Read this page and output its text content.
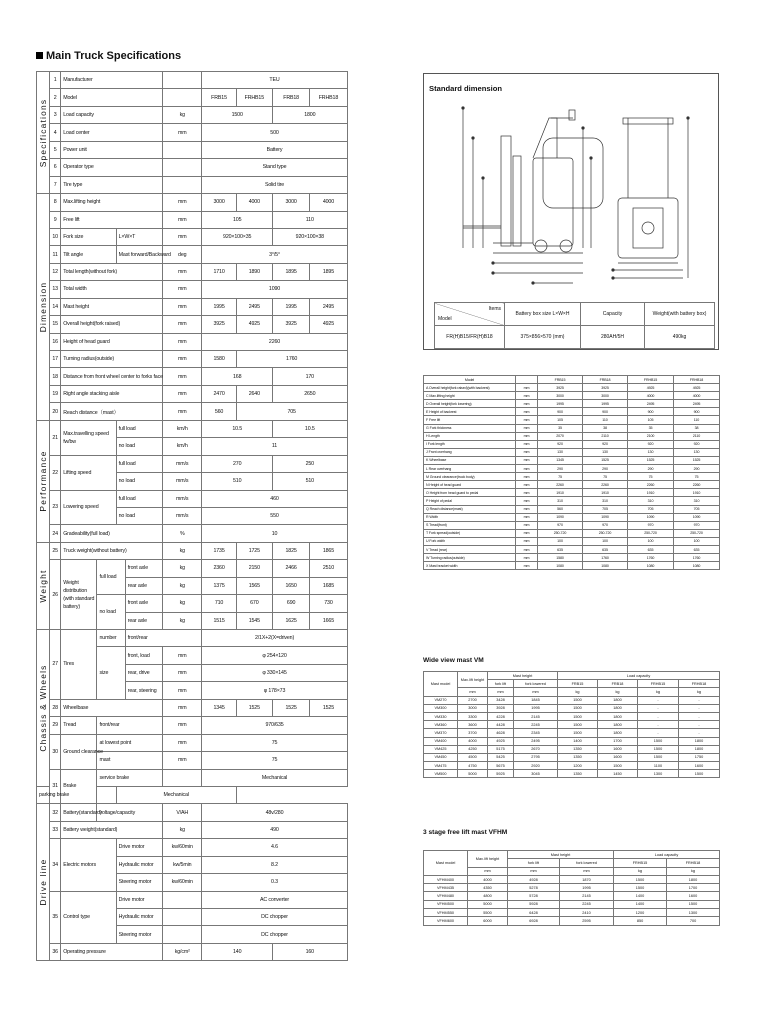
Main Truck Specifications
Specifications	1	Manufacturer					TEU			
	2	Model					FRB15	FRHB15	FRB18	FRHB18
	3	Load capacity				kg	1500		1800	
	4	Load center				mm	500			
	5	Power unit					Battery			
	6	Operator type					Stand type			
	7	Tire type					Solid tire			

Dimension	8	Max.lifting height				mm	3000	4000	3000	4000
	9	Free lift				mm	105		110	
	10	Fork size		L×W×T		mm	920×100×35		920×100×38	
	11	Tilt angle		Mast forward/Backward		deg	3°/5°			
	12	Total length(without fork)				mm	1710	1890	1895	1895
	13	Total width				mm	1090			
	14	Mast height				mm	1995	2495	1995	2495
	15	Overall height(fork raised)				mm	3925	4925	3925	4925
	16	Height of head guard				mm	2260			
	17	Turning radius(outside)				mm	1580	1760		
	18	Distance from front wheel center to forks face				mm	168		170	
	19	Right angle stacking aisle				mm	2470	2640	2650	
	20	Reach distance（mast）				mm	560	705		

Performance	21	Max.travelling speed　fw/bw		full load		km/h	10.5		10.5	
				no load		km/h	11			
	22	Lifting speed		full load		mm/s	270		250	
				no load		mm/s	510		510	
	23	Lowering speed		full load		mm/s	460			
				no load		mm/s	550			
	24	Gradeability(full load)				%	10			

Weight	25	Truck weight(without battery)				kg	1735	1725	1825	1865
	26	Weight distribution (with standard battery)	full load		front axle	kg	2360	2150	2466	2510
					rear axle	kg	1375	1565	1650	1685
			no load		front axle	kg	710	670	690	730
					rear axle	kg	1515	1545	1625	1665

Chassis & Wheels	27	Tires	number		front/rear		2/1X+2(X=driven)			
			size		front, load	mm	φ 254×120			
					rear, drive	mm	φ 330×145			
					rear, steering	mm	φ 178×73			
	28	Wheelbase				mm	1345	1525	1525	1525
	29	Tread	front/rear			mm	970/635			
	30	Ground clearance	at lowest point			mm	75			
			mast			mm	75			
	31	Brake	service brake				Mechanical			
parking brake				Mechanical						

Drive line	32	Battery(standard)	voltage/capacity			V/AH	48v/280			
	33	Battery weight(standard)				kg	490			
	34	Electric motors		Drive motor		kw/60min	4.6			
				Hydraulic motor		kw/5min	8.2			
				Steering motor		kw/60min	0.3			
	35	Control type		Drive motor			AC converter			
				Hydraulic motor			DC chopper			
				Steering motor			DC chopper			
	36	Operating pressure				kg/cm²	140		160	
Standard dimension
Items
Model	Battery box size L×W×H	Capacity	Weight(with battery box)
FR(H)B15/FR(H)B18	375×856×570 (mm)	280AH/5H	490kg
Model		FRB15	FRB18	FRHB15	FRHB18
A Overall height(fork raised)(with backrest)	mm	3925	3925	4925	4925
C Max.lifting height	mm	3000	3000	4000	4000
D Overall height(fork lowering)	mm	1995	1995	2495	2495
E Height of backrest	mm	900	900	900	900
F Free lift	mm	105	110	105	110
G Fork thickness	mm	35	38	35	38
H Length	mm	2070	2110	2100	2110
I Fork length	mm	920	920	920	920
J Front overhang	mm	130	130	130	130
K Wheelbase	mm	1345	1525	1525	1525
L Rear overhang	mm	290	290	290	290
M Ground clearance(truck body)	mm	75	75	75	75
N Height of head guard	mm	2260	2260	2260	2260
O Height from head guard to pedal	mm	1910	1910	1910	1910
P Height of pedal	mm	310	310	310	310
Q Reach distance(mast)	mm	560	705	705	705
R Width	mm	1090	1090	1090	1090
S Tread(front)	mm	970	970	970	970
T Fork spread(outside)	mm	250-720	250-720	250-720	250-720
U Fork width	mm	100	100	100	100
V Tread (rear)	mm	635	635	635	635
W Turning radius(outside)	mm	1580	1760	1760	1760
X Mast bracket width	mm	1080	1080	1080	1080
Wide view mast VM
Mast model	Max.lift height	Mast height		Load capacity			
		fork lift	fork lowered	FRB15	FRB18	FRHB15	FRHB18
	mm	mm	mm	kg	kg	kg	kg
VM270	2700	3428	1845	1500	1800	-	-
VM300	3000	3928	1995	1500	1800	-	-
VM330	3300	4228	2145	1500	1800	-	-
VM360	3600	4428	2245	1500	1800	-	-
VM370	3700	4628	2345	1500	1800	-	-
VM400	4000	4925	2495	1400	1700	1500	1800
VM425	4250	5175	2670	1350	1600	1500	1800
VM450	4500	5425	2795	1350	1600	1500	1750
VM475	4750	5675	2920	1200	1500	1100	1600
VM500	5000	5925	3045	1350	1450	1300	1500
3 stage free lift mast VFHM
Mast model	Max.lift height	Mast height		Load capacity	
		fork lift	fork lowered	FRHB15	FRHB18
	mm	mm	mm	kg	kg
VFHM400	4000	4928	1870	1500	1800
VFHM435	4350	5278	1995	1500	1700
VFHM480	4800	5728	2145	1400	1600
VFHM500	5000	5928	2245	1400	1500
VFHM550	5500	6428	2410	1200	1300
VFHM600	6000	6928	2595	850	700
